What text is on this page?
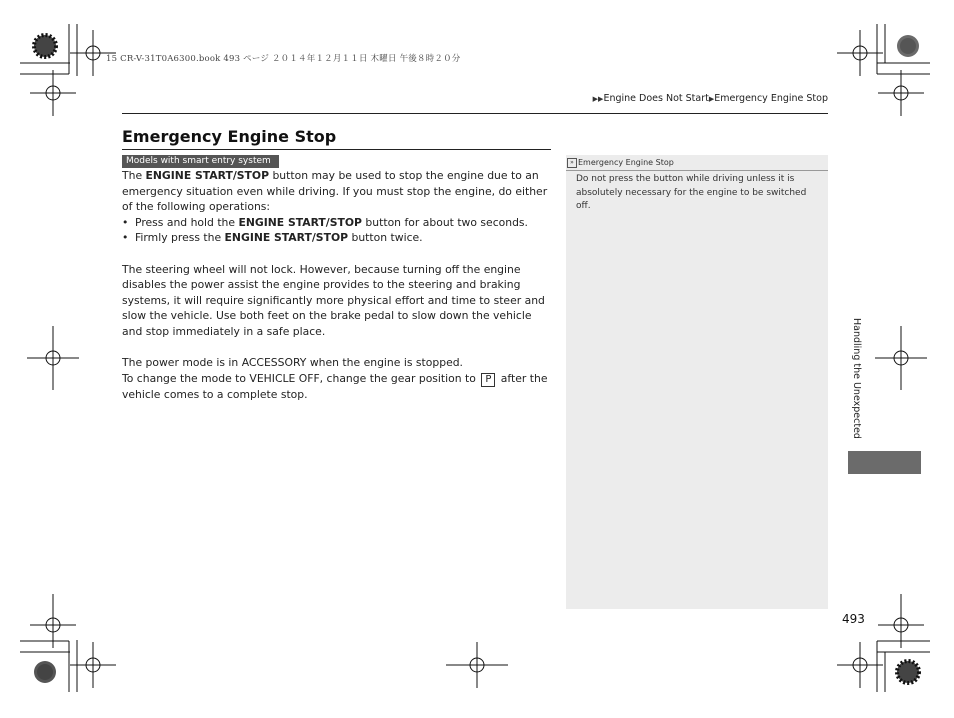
15 CR-V-31T0A6300.book 493 ページ ２０１４年１２月１１日 木曜日 午後８時２０分
▶▶Engine Does Not Start▶Emergency Engine Stop
Emergency Engine Stop
Models with smart entry system

The ENGINE START/STOP button may be used to stop the engine due to an emergency situation even while driving. If you must stop the engine, do either of the following operations:

• Press and hold the ENGINE START/STOP button for about two seconds.

• Firmly press the ENGINE START/STOP button twice.

The steering wheel will not lock. However, because turning off the engine disables the power assist the engine provides to the steering and braking systems, it will require significantly more physical effort and time to steer and slow the vehicle. Use both feet on the brake pedal to slow down the vehicle and stop immediately in a safe place.

The power mode is in ACCESSORY when the engine is stopped.

To change the mode to VEHICLE OFF, change the gear position to P after the vehicle comes to a complete stop.

» Emergency Engine Stop
Do not press the button while driving unless it is absolutely necessary for the engine to be switched off.
Handling the Unexpected
493
